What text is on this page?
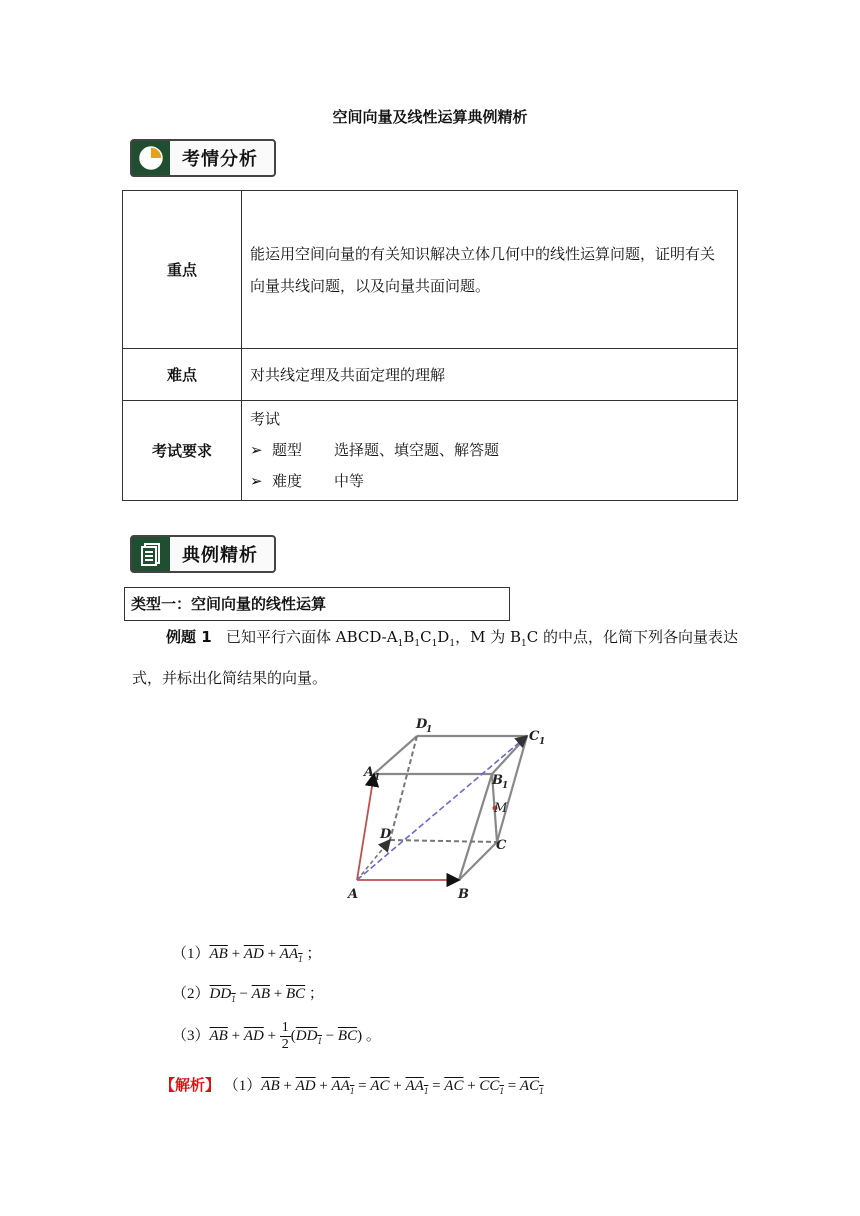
空间向量及线性运算典例精析
考情分析
重点	能运用空间向量的有关知识解决立体几何中的线性运算问题，证明有关向量共线问题，以及向量共面问题。
难点	对共线定理及共面定理的理解
考试要求	考试
➢ 题型 选择题、填空题、解答题
➢ 难度 中等
典例精析
类型一：空间向量的线性运算
例题 1 已知平行六面体 ABCD-$A_1B_1C_1D_1$，M 为 $B_1C$ 的中点，化简下列各向量表达式，并标出化简结果的向量。
A	B
C
D
A 1	B 1
C 1
D
1
M
$(1)\overline{AB} + \overline{AD} + AA_1$ ；
$(2)DD_1 - \overline{AB} + \overline{BC}$ ；
$(3)\overline{AB} + \overline{AD} + \frac{1}{2} (DD_1 - \overline{BC})$ 。
【解析】 $(1)\overline{AB} + \overline{AD} + AA_1 = \overline{AC} + AA_1 = \overline{AC} + CC_1 = AC_1$
